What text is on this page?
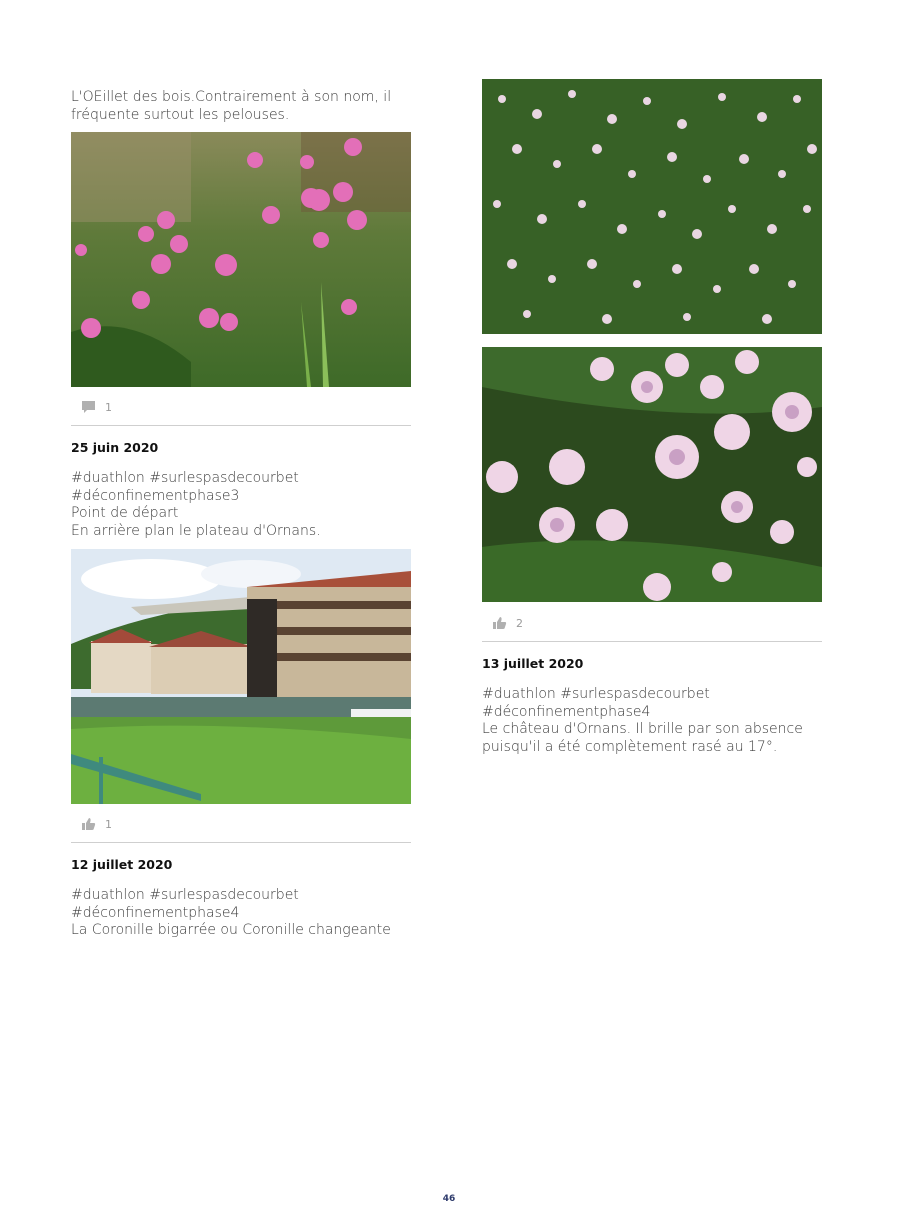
L'OEillet des bois.Contrairement à son nom, il
fréquente surtout les pelouses.
1
25 juin 2020
#duathlon #surlespasdecourbet
#déconfinementphase3
Point de départ
En arrière plan le plateau d'Ornans.
1
12 juillet 2020
#duathlon #surlespasdecourbet
#déconfinementphase4
La Coronille bigarrée ou Coronille changeante
2
13 juillet 2020
#duathlon #surlespasdecourbet
#déconfinementphase4
Le château d'Ornans. Il brille par son absence
puisqu'il a été complètement rasé au 17°.
46
